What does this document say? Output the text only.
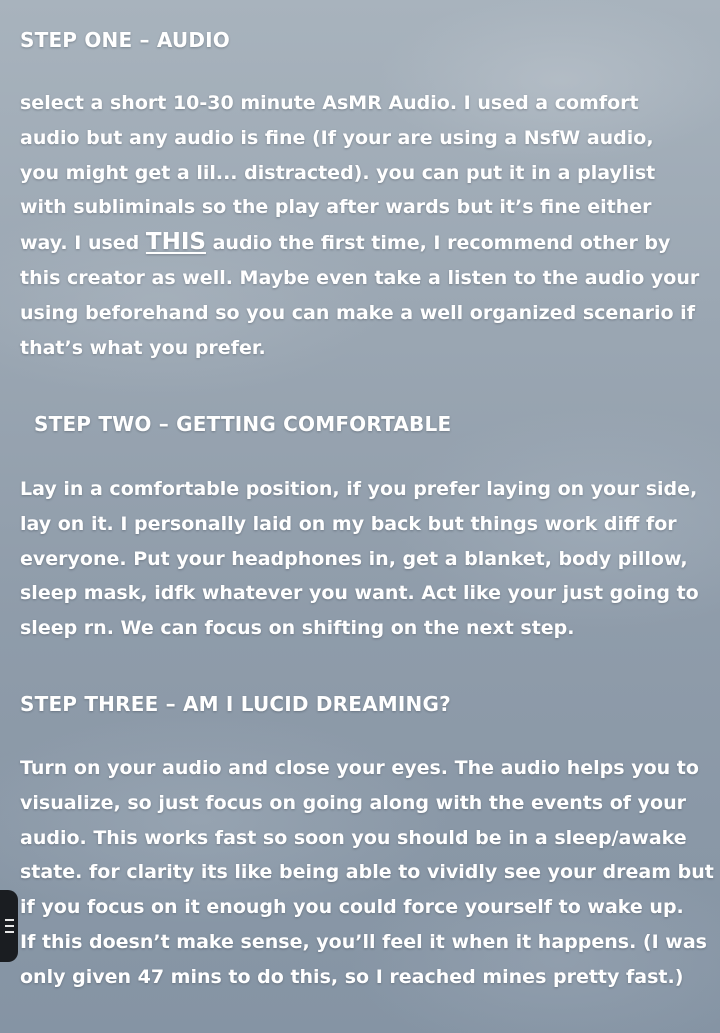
STEP ONE – AUDIO

select a short 10-30 minute AsMR Audio. I used a comfort
audio but any audio is fine (If your are using a NsfW audio,
you might get a lil... distracted). you can put it in a playlist
with subliminals so the play after wards but it’s fine either
way. I used THIS audio the first time, I recommend other by
this creator as well. Maybe even take a listen to the audio your
using beforehand so you can make a well organized scenario if
that’s what you prefer.

STEP TWO – GETTING COMFORTABLE

Lay in a comfortable position, if you prefer laying on your side,
lay on it. I personally laid on my back but things work diff for
everyone. Put your headphones in, get a blanket, body pillow,
sleep mask, idfk whatever you want. Act like your just going to
sleep rn. We can focus on shifting on the next step.

STEP THREE – AM I LUCID DREAMING?

Turn on your audio and close your eyes. The audio helps you to
visualize, so just focus on going along with the events of your
audio. This works fast so soon you should be in a sleep/awake
state. for clarity its like being able to vividly see your dream but
if you focus on it enough you could force yourself to wake up.
If this doesn’t make sense, you’ll feel it when it happens. (I was
only given 47 mins to do this, so I reached mines pretty fast.)
